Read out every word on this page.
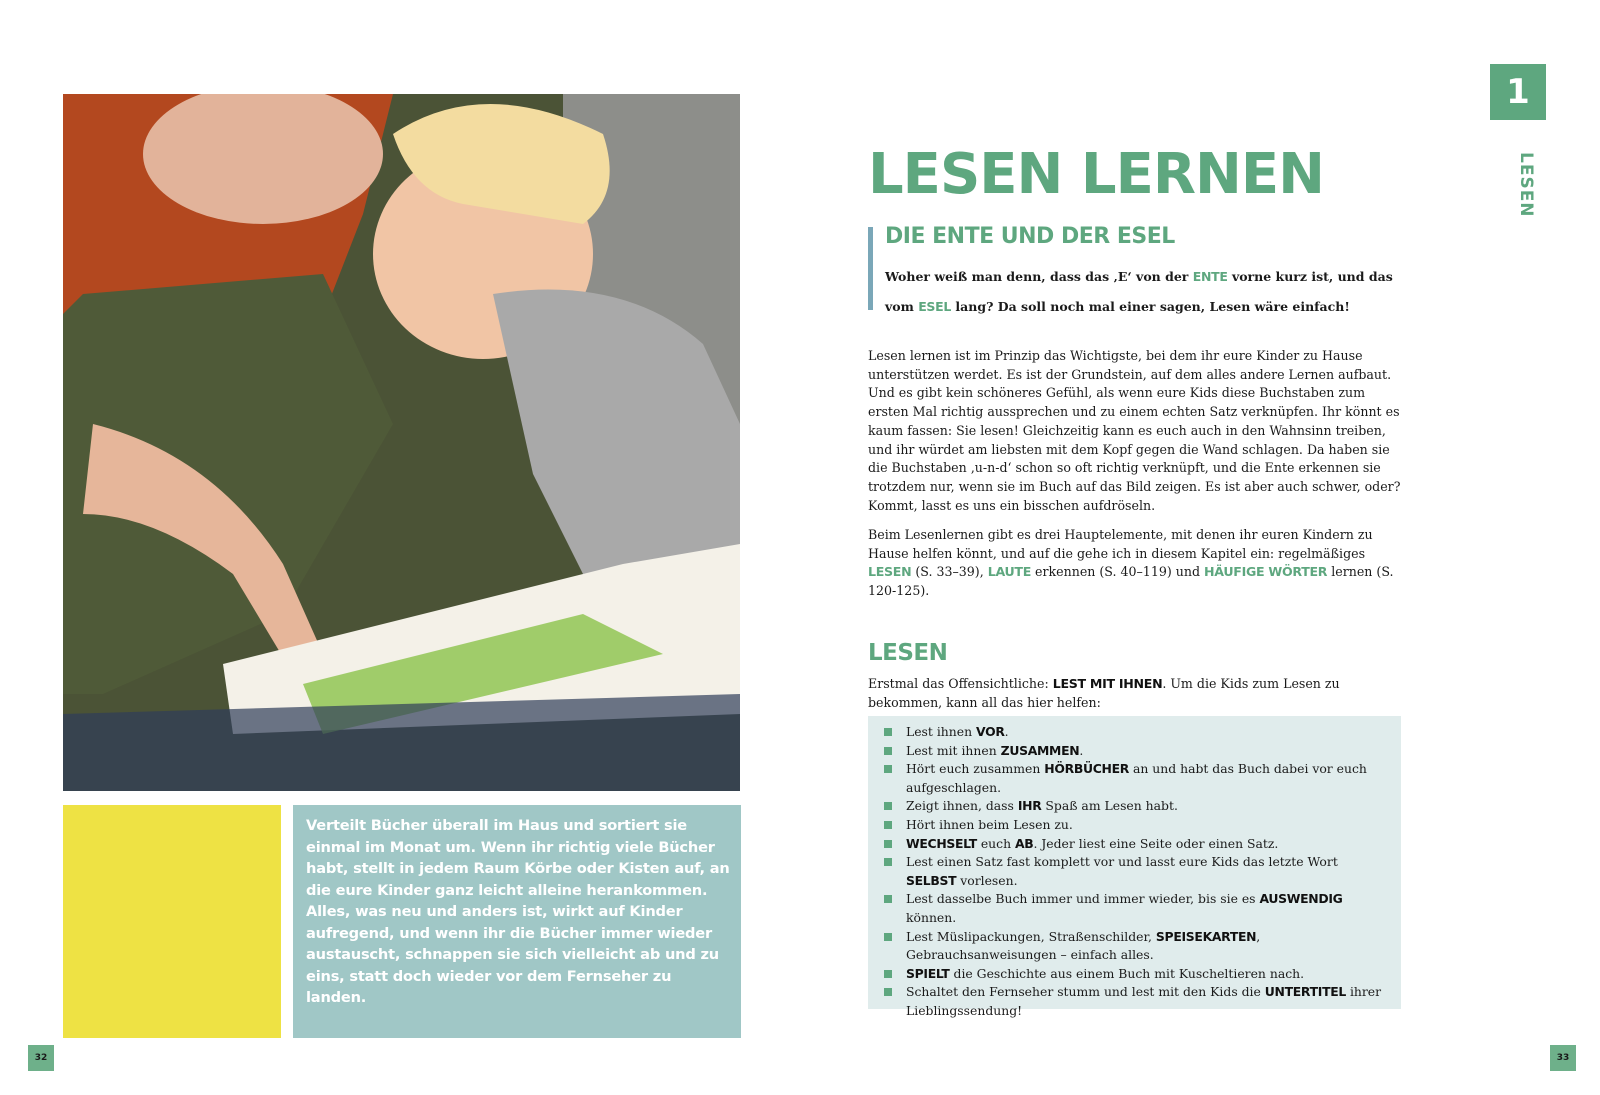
Verteilt Bücher überall im Haus und sortiert sie einmal im Monat um. Wenn ihr richtig viele Bücher habt, stellt in jedem Raum Körbe oder Kisten auf, an die eure Kinder ganz leicht alleine herankommen. Alles, was neu und anders ist, wirkt auf Kinder aufregend, und wenn ihr die Bücher immer wieder austauscht, schnappen sie sich vielleicht ab und zu eins, statt doch wieder vor dem Fernseher zu landen.
32
1
LESEN
LESEN LERNEN
DIE ENTE UND DER ESEL
Woher weiß man denn, dass das ‚E‘ von der ENTE vorne kurz ist, und das vom ESEL lang? Da soll noch mal einer sagen, Lesen wäre einfach!
Lesen lernen ist im Prinzip das Wichtigste, bei dem ihr eure Kinder zu Hause unterstützen werdet. Es ist der Grundstein, auf dem alles andere Lernen aufbaut. Und es gibt kein schöneres Gefühl, als wenn eure Kids diese Buchstaben zum ersten Mal richtig aussprechen und zu einem echten Satz verknüpfen. Ihr könnt es kaum fassen: Sie lesen! Gleichzeitig kann es euch auch in den Wahnsinn treiben, und ihr würdet am liebsten mit dem Kopf gegen die Wand schlagen. Da haben sie die Buchstaben ‚u-n-d‘ schon so oft richtig verknüpft, und die Ente erkennen sie trotzdem nur, wenn sie im Buch auf das Bild zeigen. Es ist aber auch schwer, oder? Kommt, lasst es uns ein bisschen aufdröseln.
Beim Lesenlernen gibt es drei Hauptelemente, mit denen ihr euren Kindern zu Hause helfen könnt, und auf die gehe ich in diesem Kapitel ein: regelmäßiges LESEN (S. 33–39), LAUTE erkennen (S. 40–119) und HÄUFIGE WÖRTER lernen (S. 120-125).
LESEN
Erstmal das Offensichtliche: LEST MIT IHNEN. Um die Kids zum Lesen zu bekommen, kann all das hier helfen:
Lest ihnen VOR.
Lest mit ihnen ZUSAMMEN.
Hört euch zusammen HÖRBÜCHER an und habt das Buch dabei vor euch aufgeschlagen.
Zeigt ihnen, dass IHR Spaß am Lesen habt.
Hört ihnen beim Lesen zu.
WECHSELT euch AB. Jeder liest eine Seite oder einen Satz.
Lest einen Satz fast komplett vor und lasst eure Kids das letzte Wort SELBST vorlesen.
Lest dasselbe Buch immer und immer wieder, bis sie es AUSWENDIG können.
Lest Müslipackungen, Straßenschilder, SPEISEKARTEN, Gebrauchsanweisungen – einfach alles.
SPIELT die Geschichte aus einem Buch mit Kuscheltieren nach.
Schaltet den Fernseher stumm und lest mit den Kids die UNTERTITEL ihrer Lieblingssendung!
33
